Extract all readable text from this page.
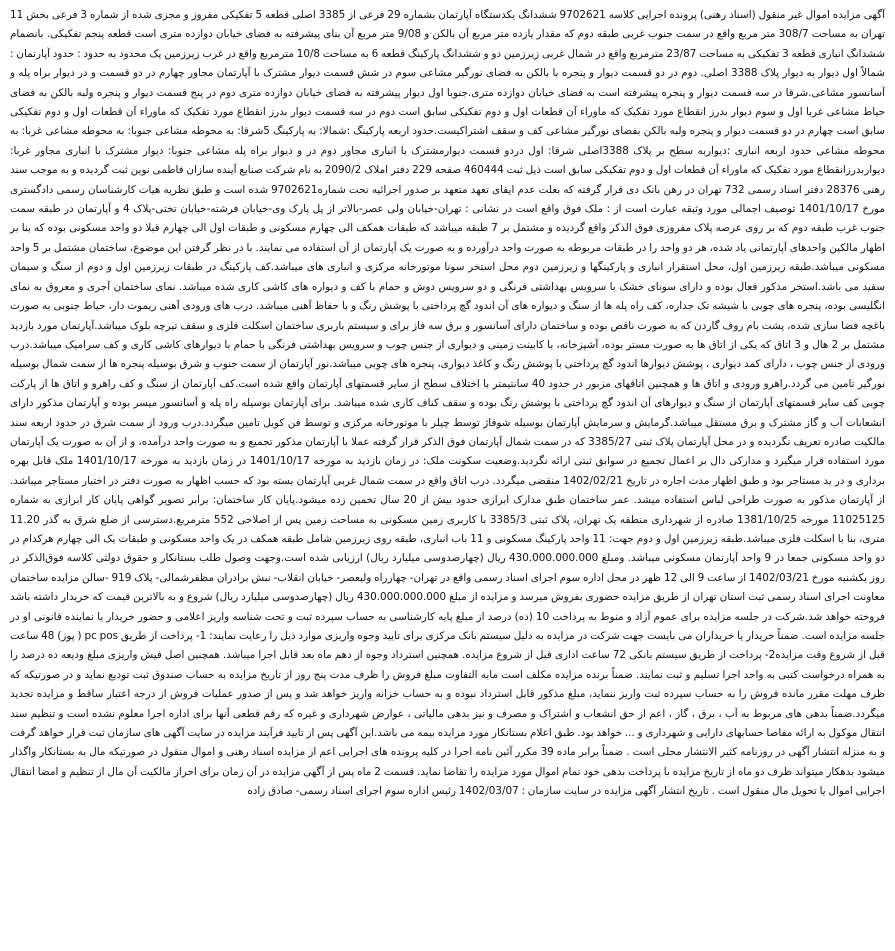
آگهی مزایده اموال غیر منقول (اسناد رهنی) پرونده اجرایی کلاسه 9702621 ششدانگ یکدستگاه آپارتمان بشماره 29 فرعی از 3385 اصلی قطعه 5 تفکیکی مفروز و مجزی شده از شماره 3 فرعی بخش 11 تهران به مساحت 308/7 متر مربع واقع در سمت جنوب غربی طبقه دوم که مقدار یازده متر مربع آن بالکن و 9/08 متر مربع آن بنای پیشرفته به فضای خیابان دوازده متری است قطعه پنجم تفکیکی. بانضمام ششدانگ انباری قطعه 3 تفکیکی به مساحت 23/87 مترمربع واقع در شمال غربی زیرزمین دو و ششدانگ پارکینگ قطعه 6 به مساحت 10/8 مترمربع واقع در غرب زیرزمین یک محدود به حدود : حدود آپارتمان : شمالاً اول دیوار به دیوار پلاک 3388 اصلی. دوم در دو قسمت دیوار و پنجره با بالکن به فضای نورگیر مشاعی سوم در شش قسمت دیوار مشترک با آپارتمان مجاور چهارم در دو قسمت و در دیوار براه پله و آسانسور مشاعی.شرقا در سه قسمت دیوار و پنجره پیشرفته است به فضای خیابان دوازده متری.جنوبا اول دیوار پیشرفته به فضای خیابان دوازده متری دوم در پنج قسمت دیوار و پنجره ولبه بالکن به فضای حیاط مشاعی غربا اول و سوم دیوار بدرز انقطاع مورد تفکیک که ماوراء آن قطعات اول و دوم تفکیکی سابق است دوم در سه قسمت دیوار بدرز انقطاع مورد تفکیک که ماوراء آن قطعات اول و دوم تفکیکی سابق است چهارم در دو قسمت دیوار و پنجره ولبه بالکن بفضای نورگیر مشاعی کف و سقف اشتراکیست.حدود اربعه پارکینگ :شمالا: به پارکینگ 5شرقا: به محوطه مشاعی جنوبا: به محوطه مشاعی غربا: به محوطه مشاعی حدود اربعه انباری :دیواربه سطح بر پلاک 3388اصلی شرقا: اول دردو قسمت دیوارمشترک با انباری مجاور دوم در و دیوار براه پله مشاعی جنوبا: دیوار مشترک با انباری مجاور غربا: دیواربدرزانقطاع مورد تفکیک که ماوراء آن قطعات اول و دوم تفکیکی سابق است ذیل ثبت 460444 صفحه 229 دفتر املاک 2090/2 به نام شرکت صنایع آینده سازان فاطمی نوین ثبت گردیده و به موجب سند رهنی 28376 دفتر اسناد رسمی 732 تهران در رهن بانک دی قرار گرفته که بعلت عدم ایفای تعهد متعهد بر صدور اجرائیه تحت شماره9702621 شده است و طبق نظریه هیات کارشناسان رسمی دادگستری مورخ 1401/10/17 توصیف اجمالی مورد وثیقه عبارت است از : ملک فوق واقع است در نشانی : تهران-خیابان ولی عصر-بالاتر از پل پارک وی-خیابان فرشته-خیابان تختی-پلاک 4 و آپارتمان در طبقه سمت جنوب غرب طبقه دوم که بر روی عرصه پلاک مفروزی فوق الذکر واقع گردیده و مشتمل بر 7 طبقه میباشد که طبقات همکف الی چهارم مسکونی و طبقات اول الی چهارم قبلا دو واحد مسکونی بوده که بنا بر اظهار مالکین واحدهای آپارتمانی یاد شده، هر دو واحد را در طبقات مربوطه به صورت واحد درآورده و به صورت یک آپارتمان از آن استفاده می نمایند. با در نظر گرفتن این موضوع، ساختمان مشتمل بر 5 واحد مسکونی میباشد.طبقه زیرزمین اول، محل استقرار انباری و پارکینگها و زیرزمین دوم محل استخر سونا موتورخانه مرکزی و انباری های میباشد.کف پارکینگ در طبقات زیرزمین اول و دوم از سنگ و سیمان سفید می باشد.استخر مذکور فعال بوده و دارای سونای خشک با سرویس بهداشتی فرنگی و دو سرویس دوش و حمام با کف و دیواره های کاشی کاری شده میباشد. نمای ساختمان آجری و معروق به نمای انگلیسی بوده، پنجره های چوبی با شیشه تک جداره، کف راه پله ها از سنگ و دیواره های آن اندود گچ پرداختی با پوشش رنگ و با حفاظ آهنی میباشد. درب های ورودی آهنی ریموت دار، حیاط جنوبی به صورت باغچه فضا سازی شده، پشت بام روف گاردن که به صورت ناقص بوده و ساختمان دارای آسانسور و برق سه فاز برای و سیستم باربری ساختمان اسکلت فلزی و سقف تیرچه بلوک میباشد.آپارتمان مورد بازدید مشتمل بر 2 هال و 3 اتاق که یکی از اتاق ها به صورت مستر بوده، آشپزخانه، با کابینت زمینی و دیواری از جنس چوب و سرویس بهداشتی فرنگی با حمام با دیوارهای کاشی کاری و کف سرامیک میباشد.درب ورودی از جنس چوب ، دارای کمد دیواری ، پوشش دیوارها اندود گچ پرداختی با پوشش رنگ و کاغذ دیواری، پنجره های چوبی میباشد.نور آپارتمان از سمت جنوب و شرق بوسیله پنجره ها از سمت شمال بوسیله نورگیر تامین می گردد.راهرو ورودی و اتاق ها و همچنین اتاقهای مزبور در حدود 40 سانتیمتر با اختلاف سطح از سایر قسمتهای آپارتمان واقع شده است.کف آپارتمان از سنگ و کف راهرو و اتاق ها از پارکت چوبی کف سایر قسمتهای آپارتمان از سنگ و دیوارهای آن اندود گچ پرداختی با پوشش رنگ بوده و سقف کناف کاری شده میباشد. برای آپارتمان بوسیله راه پله و آسانسور میسر بوده و آپارتمان مذکور دارای انشعابات آب و گاز مشترک و برق مستقل میباشد.گرمایش و سرمایش آپارتمان بوسیله شوفاژ توسط چیلر با موتورخانه مرکزی و توسط فن کویل تامین میگردد.درب ورود از سمت شرق در حدود اربعه سند مالکیت صادره تعریف نگردیده و در محل آپارتمان پلاک ثبتی 3385/27 که در سمت شمال آپارتمان فوق الذکر قرار گرفته عملا با آپارتمان مذکور تجمیع و به صورت واحد درآمده، و از آن به صورت یک آپارتمان مورد استفاده قرار میگیرد و مدارکی دال بر اعمال تجمیع در سوابق ثبتی ارائه نگردید.وضعیت سکونت ملک: در زمان بازدید به مورخه 1401/10/17 در زمان بازدید به مورخه 1401/10/17 ملک قابل بهره برداری و در ید مستاجر بود و طبق اظهار مدت اجاره در تاریخ 1402/02/21 منقضی میگردد. درب اتاق واقع در سمت شمال غربی آپارتمان بسته بود که حسب اظهار به صورت دفتر در اختیار مستاجر میباشد. از آپارتمان مذکور به صورت طراحی لباس استفاده میشد. عمر ساختمان طبق مدارک ابرازی حدود بیش از 20 سال تخمین زده میشود.پایان کار ساختمان: برابر تصویر گواهی پایان کار ابرازی به شماره 11025125 مورخه 1381/10/25 صادره از شهرداری منطقه یک تهران، پلاک ثبتی 3385/3 با کاربری زمین مسکونی به مساحت زمین پس از اصلاحی 552 مترمربع.دسترسی از ضلع شرق به گذر 11.20 متری، بنا با اسکلت فلزی میباشد.طبقه زیرزمین اول و دوم جهت: 11 واحد پارکینگ مسکونی و 11 باب انباری، طبقه روی زیرزمین شامل طبقه همکف در یک واحد مسکونی و طبقات یک الی چهارم هرکدام در دو واحد مسکونی جمعا در 9 واحد آپارتمان مسکونی میباشد. ومبلغ 430.000.000.000 ریال (چهارصدوسی میلیارد ریال) ارزیابی شده است.وجهت وصول طلب بستانکار و حقوق دولتی کلاسه فوق‌الذکر در روز یکشنبه مورخ 1402/03/21 از ساعت 9 الی 12 ظهر در محل اداره سوم اجرای اسناد رسمی واقع در تهران- چهارراه ولیعصر- خیابان انقلاب- نبش برادران مظفرشمالی- پلاک 919 -سالن مزایده ساختمان معاونت اجرای اسناد رسمی ثبت استان تهران از طریق مزایده حضوری بفروش میرسد و مزایده از مبلغ 430.000.000.000 ریال (چهارصدوسی میلیارد ریال) شروع و به بالاترین قیمت که خریدار داشته باشد فروخته خواهد شد.شرکت در جلسه مزایده برای عموم آزاد و منوط به پرداخت 10 (ده) درصد از مبلغ پایه کارشناسی به حساب سپرده ثبت و تحت شناسه واریز اعلامی و حضور خریدار یا نماینده قانونی او در جلسه مزایده است. ضمناً خریدار یا خریداران می بایست جهت شرکت در مزایده به دلیل سیستم بانک مرکزی برای تایید وجوه واریزی موارد ذیل را رعایت نمایند: 1- پرداخت از طریق pc pos ( پوز) 48 ساعت قبل از شروع وقت مزایده2- پرداخت از طریق سیستم بانکی 72 ساعت اداری قبل از شروع مزایده. همچنین استرداد وجوه از دهم ماه بعد قابل اجرا میباشد. همچنین اصل فیش واریزی مبلغ ودیعه ده درصد را به همراه درخواست کتبی به واحد اجرا تسلیم و ثبت نمایند. ضمناً برنده مزایده مکلف است مابه التفاوت مبلغ فروش را ظرف مدت پنج روز از تاریخ مزایده به حساب صندوق ثبت تودیع نماید و در صورتیکه که ظرف مهلت مقرر مانده فروش را به حساب سپرده ثبت واریز ننماید، مبلغ مذکور قابل استرداد نبوده و به حساب خزانه واریز خواهد شد و پس از صدور عملیات فروش از درجه اعتبار ساقط و مزایده تجدید میگردد.ضمناً بدهی های مربوط به آب ، برق ، گاز ، اعم از حق انشعاب و اشتراک و مصرف و نیز بدهی مالیاتی ، عوارض شهرداری و غیره که رقم قطعی آنها برای اداره اجرا معلوم نشده است و تنظیم سند انتقال موکول به ارائه مفاصا حسابهای دارایی و شهرداری و ... خواهد بود. طبق اعلام بستانکار مورد مزایده بیمه می باشد.این آگهی پس از تایید فرآیند مزایده در سایت آگهی های سازمان ثبت قرار خواهد گرفت و به منزله انتشار آگهی در روزنامه کثیر الانتشار محلی است . ضمناً برابر ماده 39 مکرر آئین نامه اجرا در کلیه پرونده های اجرایی اعم از مزایده اسناد رهنی و اموال منقول در صورتیکه مال به بستانکار واگذار میشود بدهکار میتواند ظرف دو ماه از تاریخ مزایده با پرداخت بدهی خود تمام اموال مورد مزایده را تقاضا نماید. قسمت 2 ماه پس از آگهی مزایده در آن زمان برای احراز مالکیت آن مال از تنظیم و امضا انتقال اجرایی اموال یا تحویل مال منقول است . تاریخ انتشار آگهی مزایده در سایت سازمان : 1402/03/07 رئیس اداره سوم اجرای اسناد رسمی- صادق زاده
